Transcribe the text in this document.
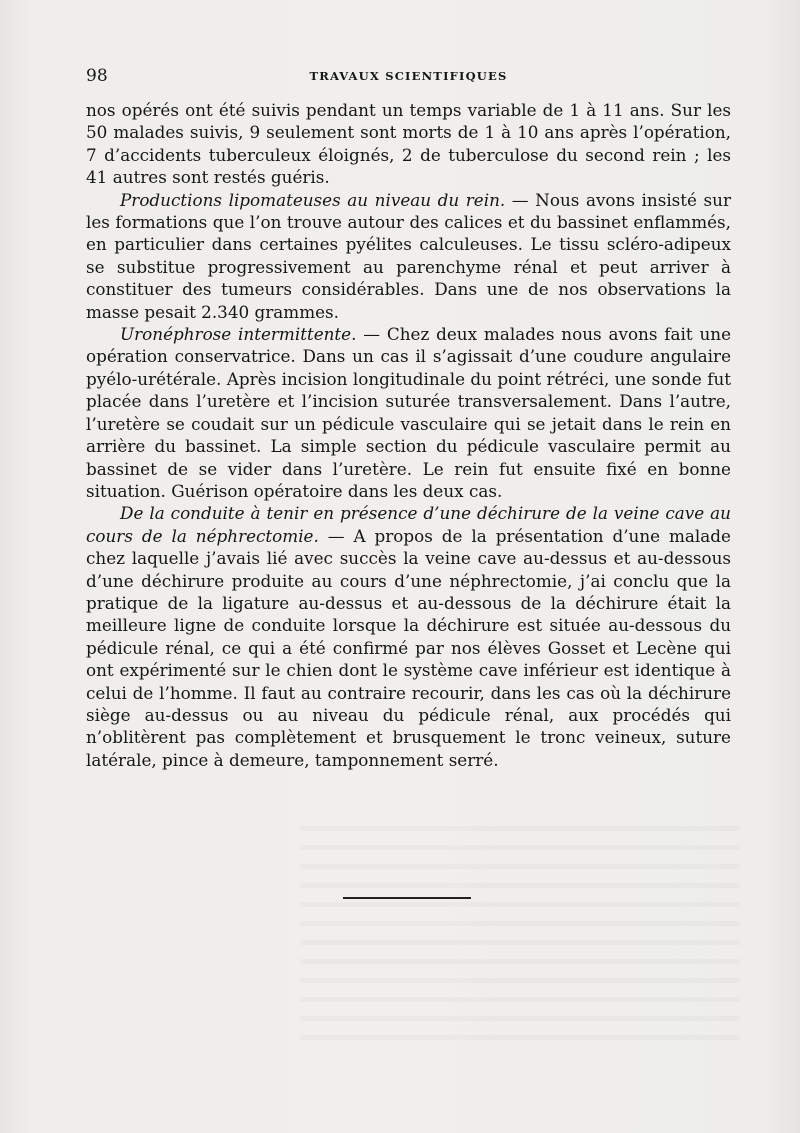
98	TRAVAUX SCIENTIFIQUES

nos opérés ont été suivis pendant un temps variable de 1 à 11 ans. Sur les 50 malades suivis, 9 seulement sont morts de 1 à 10 ans après l’opération, 7 d’accidents tuberculeux éloignés, 2 de tuberculose du second rein ; les 41 autres sont restés guéris.

Productions lipomateuses au niveau du rein. — Nous avons insisté sur les formations que l’on trouve autour des calices et du bassinet enflammés, en particulier dans certaines pyélites calculeuses. Le tissu scléro-adipeux se substitue progressivement au parenchyme rénal et peut arriver à constituer des tumeurs considérables. Dans une de nos observations la masse pesait 2.340 grammes.

Uronéphrose intermittente. — Chez deux malades nous avons fait une opération conservatrice. Dans un cas il s’agissait d’une coudure angulaire pyélo-urétérale. Après incision longitudinale du point rétréci, une sonde fut placée dans l’uretère et l’incision suturée transversalement. Dans l’autre, l’uretère se coudait sur un pédicule vasculaire qui se jetait dans le rein en arrière du bassinet. La simple section du pédicule vasculaire permit au bassinet de se vider dans l’uretère. Le rein fut ensuite fixé en bonne situation. Guérison opératoire dans les deux cas.

De la conduite à tenir en présence d’une déchirure de la veine cave au cours de la néphrectomie. — A propos de la présentation d’une malade chez laquelle j’avais lié avec succès la veine cave au-dessus et au-dessous d’une déchirure produite au cours d’une néphrectomie, j’ai conclu que la pratique de la ligature au-dessus et au-dessous de la déchirure était la meilleure ligne de conduite lorsque la déchirure est située au-dessous du pédicule rénal, ce qui a été confirmé par nos élèves Gosset et Lecène qui ont expérimenté sur le chien dont le système cave inférieur est identique à celui de l’homme. Il faut au contraire recourir, dans les cas où la déchirure siège au-dessus ou au niveau du pédicule rénal, aux procédés qui n’oblitèrent pas complètement et brusquement le tronc veineux, suture latérale, pince à demeure, tamponnement serré.
